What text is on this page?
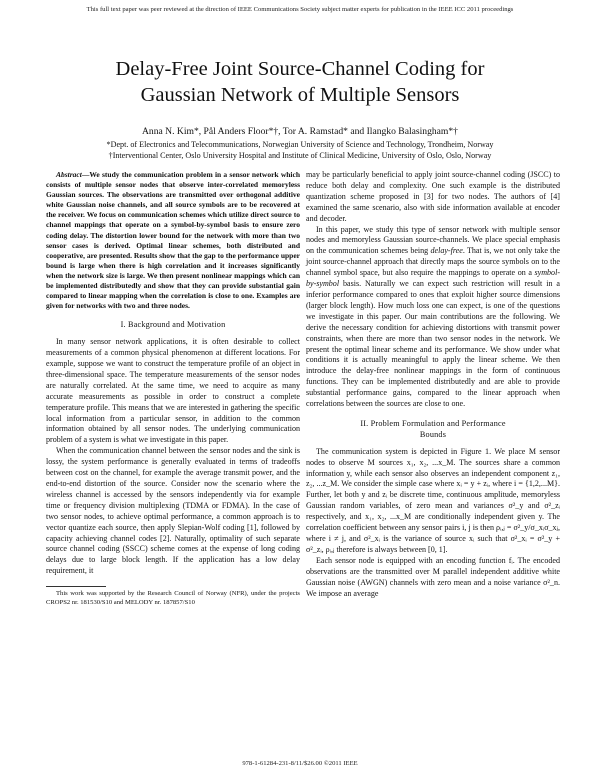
This full text paper was peer reviewed at the direction of IEEE Communications Society subject matter experts for publication in the IEEE ICC 2011 proceedings
Delay-Free Joint Source-Channel Coding for
Gaussian Network of Multiple Sensors
Anna N. Kim*, Pål Anders Floor*†, Tor A. Ramstad* and Ilangko Balasingham*†
*Dept. of Electronics and Telecommunications, Norwegian University of Science and Technology, Trondheim, Norway
†Interventional Center, Oslo University Hospital and Institute of Clinical Medicine, University of Oslo, Oslo, Norway

Abstract—We study the communication problem in a sensor network which consists of multiple sensor nodes that observe inter-correlated memoryless Gaussian sources. The observations are transmitted over orthogonal additive white Gaussian noise channels, and all source symbols are to be recovered at the receiver. We focus on communication schemes which utilize direct source to channel mappings that operate on a symbol-by-symbol basis to ensure zero coding delay. The distortion lower bound for the network with more than two sensor cases is derived. Optimal linear schemes, both distributed and cooperative, are presented. Results show that the gap to the performance upper bound is large when there is high correlation and it increases significantly when the network size is large. We then present nonlinear mappings which can be implemented distributedly and show that they can provide substantial gain compared to linear mapping when the correlation is close to one. Examples are given for networks with two and three nodes.

I. Background and Motivation

In many sensor network applications, it is often desirable to collect measurements of a common physical phenomenon at different locations. For example, suppose we want to construct the temperature profile of an object in three-dimensional space. The temperature measurements of the sensor nodes are naturally correlated. At the same time, we need to acquire as many accurate measurements as possible in order to construct a complete temperature profile. This means that we are interested in gathering the specific local information from a particular sensor, in addition to the common information obtained by all sensor nodes. The underlying communication problem of a system is what we investigate in this paper.

When the communication channel between the sensor nodes and the sink is lossy, the system performance is generally evaluated in terms of tradeoffs between cost on the channel, for example the average transmit power, and the end-to-end distortion of the source. Consider now the scenario where the wireless channel is accessed by the sensors independently via for example time or frequency division multiplexing (TDMA or FDMA). In the case of two sensor nodes, to achieve optimal performance, a common approach is to vector quantize each source, then apply Slepian-Wolf coding [1], followed by capacity achieving channel codes [2]. Naturally, optimality of such separate source channel coding (SSCC) scheme comes at the expense of long coding delays due to large block length. If the application has a low delay requirement, it

This work was supported by the Research Council of Norway (NFR), under the projects CROPS2 nr. 181530/S10 and MELODY nr. 187857/S10

may be particularly beneficial to apply joint source-channel coding (JSCC) to reduce both delay and complexity. One such example is the distributed quantization scheme proposed in [3] for two nodes. The authors of [4] examined the same scenario, also with side information available at encoder and decoder.

In this paper, we study this type of sensor network with multiple sensor nodes and memoryless Gaussian source-channels. We place special emphasis on the communication schemes being delay-free. That is, we not only take the joint source-channel approach that directly maps the source symbols on to the channel symbol space, but also require the mappings to operate on a symbol-by-symbol basis. Naturally we can expect such restriction will result in a inferior performance compared to ones that exploit higher source dimensions (larger block length). How much loss one can expect, is one of the questions we investigate in this paper. Our main contributions are the following. We derive the necessary condition for achieving distortions with transmit power constraints, when there are more than two sensor nodes in the network. We present the optimal linear scheme and its performance. We show under what conditions it is actually meaningful to apply the linear scheme. We then introduce the delay-free nonlinear mappings in the form of continuous functions. They can be implemented distributedly and are able to provide substantial performance gains, compared to the linear approach when correlations between the sources are close to one.

II. Problem Formulation and Performance
Bounds

The communication system is depicted in Figure 1. We place M sensor nodes to observe M sources x₁, x₂, ...x_M. The sources share a common information y, while each sensor also observes an independent component z₁, z₂, ...z_M. We consider the simple case where xᵢ = y + zᵢ, where i = {1,2,...M}. Further, let both y and zᵢ be discrete time, continuous amplitude, memoryless Gaussian random variables, of zero mean and variances σ²_y and σ²_zᵢ respectively, and x₁, x₂, ...x_M are conditionally independent given y. The correlation coefficient between any sensor pairs i, j is then ρᵢ,ⱼ = σ²_y/σ_xᵢσ_xⱼ, where i ≠ j, and σ²_xᵢ is the variance of source xᵢ such that σ²_xᵢ = σ²_y + σ²_zᵢ, ρᵢ,ⱼ therefore is always between [0, 1].

Each sensor node is equipped with an encoding function fᵢ. The encoded observations are the transmitted over M parallel independent additive white Gaussian noise (AWGN) channels with zero mean and a noise variance σ²_n. We impose an average

978-1-61284-231-8/11/$26.00 ©2011 IEEE
